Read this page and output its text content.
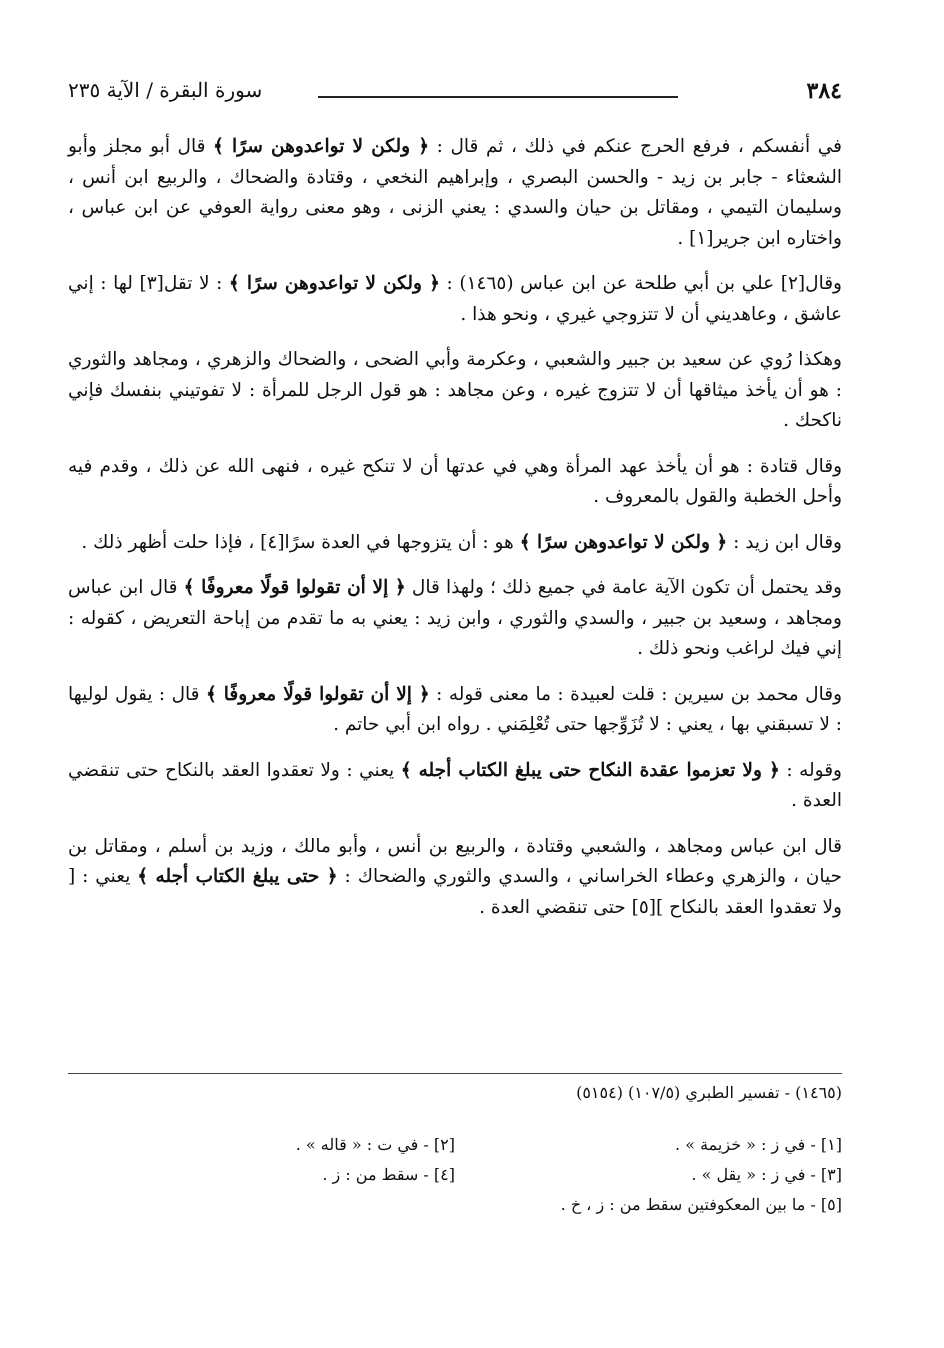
٣٨٤
سورة البقرة / الآية ٢٣٥

في أنفسكم ، فرفع الحرج عنكم في ذلك ، ثم قال : ﴿ ولكن لا تواعدوهن سرًا ﴾ قال أبو مجلز وأبو الشعثاء - جابر بن زيد - والحسن البصري ، وإبراهيم النخعي ، وقتادة والضحاك ، والربيع ابن أنس ، وسليمان التيمي ، ومقاتل بن حيان والسدي : يعني الزنى ، وهو معنى رواية العوفي عن ابن عباس ، واختاره ابن جرير[١] .

وقال[٢] علي بن أبي طلحة عن ابن عباس (١٤٦٥) : ﴿ ولكن لا تواعدوهن سرًا ﴾ : لا تقل[٣] لها : إني عاشق ، وعاهديني أن لا تتزوجي غيري ، ونحو هذا .

وهكذا رُوي عن سعيد بن جبير والشعبي ، وعكرمة وأبي الضحى ، والضحاك والزهري ، ومجاهد والثوري : هو أن يأخذ ميثاقها أن لا تتزوج غيره ، وعن مجاهد : هو قول الرجل للمرأة : لا تفوتيني بنفسك فإني ناكحك .

وقال قتادة : هو أن يأخذ عهد المرأة وهي في عدتها أن لا تنكح غيره ، فنهى الله عن ذلك ، وقدم فيه وأحل الخطبة والقول بالمعروف .

وقال ابن زيد : ﴿ ولكن لا تواعدوهن سرًا ﴾ هو : أن يتزوجها في العدة سرًا[٤] ، فإذا حلت أظهر ذلك .

وقد يحتمل أن تكون الآية عامة في جميع ذلك ؛ ولهذا قال ﴿ إلا أن تقولوا قولًا معروفًا ﴾ قال ابن عباس ومجاهد ، وسعيد بن جبير ، والسدي والثوري ، وابن زيد : يعني به ما تقدم من إباحة التعريض ، كقوله : إني فيك لراغب ونحو ذلك .

وقال محمد بن سيرين : قلت لعبيدة : ما معنى قوله : ﴿ إلا أن تقولوا قولًا معروفًا ﴾ قال : يقول لوليها : لا تسبقني بها ، يعني : لا تُزَوِّجها حتى تُعْلِمَني . رواه ابن أبي حاتم .

وقوله : ﴿ ولا تعزموا عقدة النكاح حتى يبلغ الكتاب أجله ﴾ يعني : ولا تعقدوا العقد بالنكاح حتى تنقضي العدة .

قال ابن عباس ومجاهد ، والشعبي وقتادة ، والربيع بن أنس ، وأبو مالك ، وزيد بن أسلم ، ومقاتل بن حيان ، والزهري وعطاء الخراساني ، والسدي والثوري والضحاك : ﴿ حتى يبلغ الكتاب أجله ﴾ يعني : [ ولا تعقدوا العقد بالنكاح ][٥] حتى تنقضي العدة .

(١٤٦٥) - تفسير الطبري (١٠٧/٥) (٥١٥٤)

[١] - في ز : « خزيمة » .

[٢] - في ت : « قاله » .

[٣] - في ز : « يقل » .

[٤] - سقط من : ز .

[٥] - ما بين المعكوفتين سقط من : ز ، خ .
